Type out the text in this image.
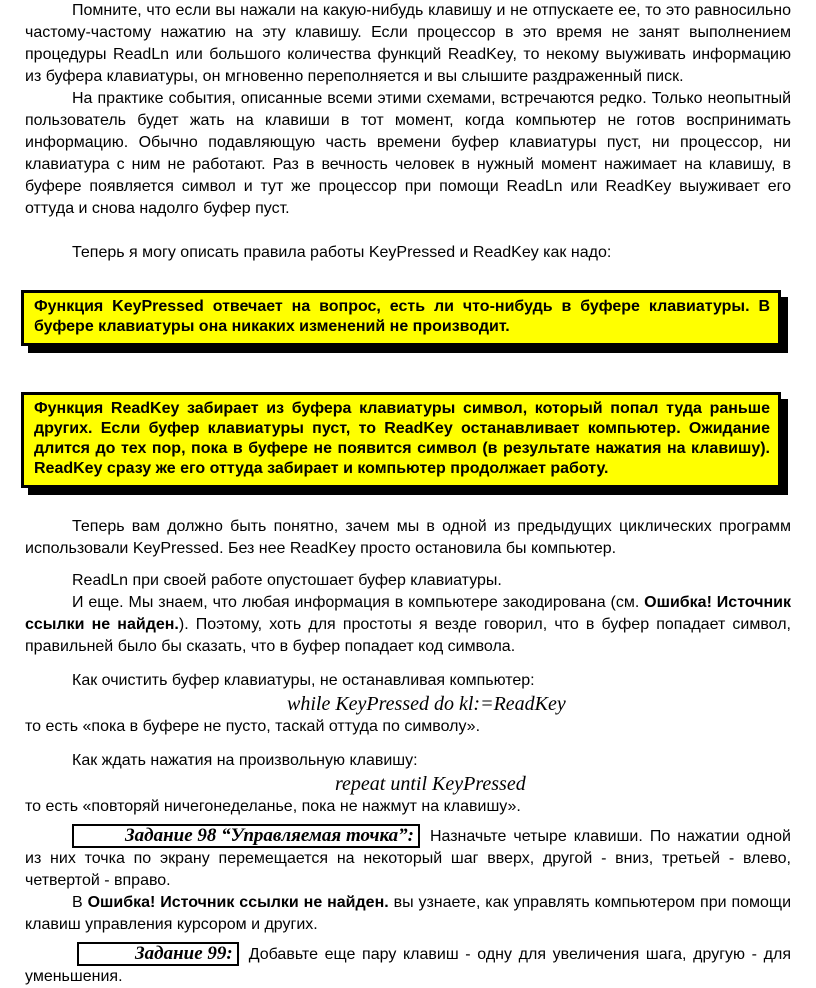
Помните, что если вы нажали на какую-нибудь клавишу и не отпускаете ее, то это равносильно частому-частому нажатию на эту клавишу. Если процессор в это время не занят выполнением процедуры ReadLn или большого количества функций ReadKey, то некому выуживать информацию из буфера клавиатуры, он мгновенно переполняется и вы слышите раздраженный писк.

На практике события, описанные всеми этими схемами, встречаются редко. Только неопытный пользователь будет жать на клавиши в тот момент, когда компьютер не готов воспринимать информацию. Обычно подавляющую часть времени буфер клавиатуры пуст, ни процессор, ни клавиатура с ним не работают. Раз в вечность человек в нужный момент нажимает на клавишу, в буфере появляется символ и тут же процессор при помощи ReadLn или ReadKey выуживает его оттуда и снова надолго буфер пуст.

Теперь я могу описать правила работы KeyPressed и ReadKey как надо:

Функция KeyPressed отвечает на вопрос, есть ли что-нибудь в буфере клавиатуры. В буфере клавиатуры она никаких изменений не производит.
Функция ReadKey забирает из буфера клавиатуры символ, который попал туда раньше других. Если буфер клавиатуры пуст, то ReadKey останавливает компьютер. Ожидание длится до тех пор, пока в буфере не появится символ (в результате нажатия на клавишу). ReadKey сразу же его оттуда забирает и компьютер продолжает работу.

Теперь вам должно быть понятно, зачем мы в одной из предыдущих циклических программ использовали KeyPressed. Без нее ReadKey просто остановила бы компьютер.

ReadLn при своей работе опустошает буфер клавиатуры.

И еще. Мы знаем, что любая информация в компьютере закодирована (см. Ошибка! Источник ссылки не найден.). Поэтому, хоть для простоты я везде говорил, что в буфер попадает символ, правильней было бы сказать, что в буфер попадает код символа.

Как очистить буфер клавиатуры, не останавливая компьютер:

while KeyPressed do kl:=ReadKey

то есть «пока в буфере не пусто, таскай оттуда по символу».

Как ждать нажатия на произвольную клавишу:

repeat until KeyPressed

то есть «повторяй ничегонеделанье, пока не нажмут на клавишу».

Задание 98 “Управляемая точка”: Назначьте четыре клавиши. По нажатии одной из них точка по экрану перемещается на некоторый шаг вверх, другой - вниз, третьей - влево, четвертой - вправо.

В Ошибка! Источник ссылки не найден. вы узнаете, как управлять компьютером при помощи клавиш управления курсором и других.

Задание 99: Добавьте еще пару клавиш - одну для увеличения шага, другую - для уменьшения.
